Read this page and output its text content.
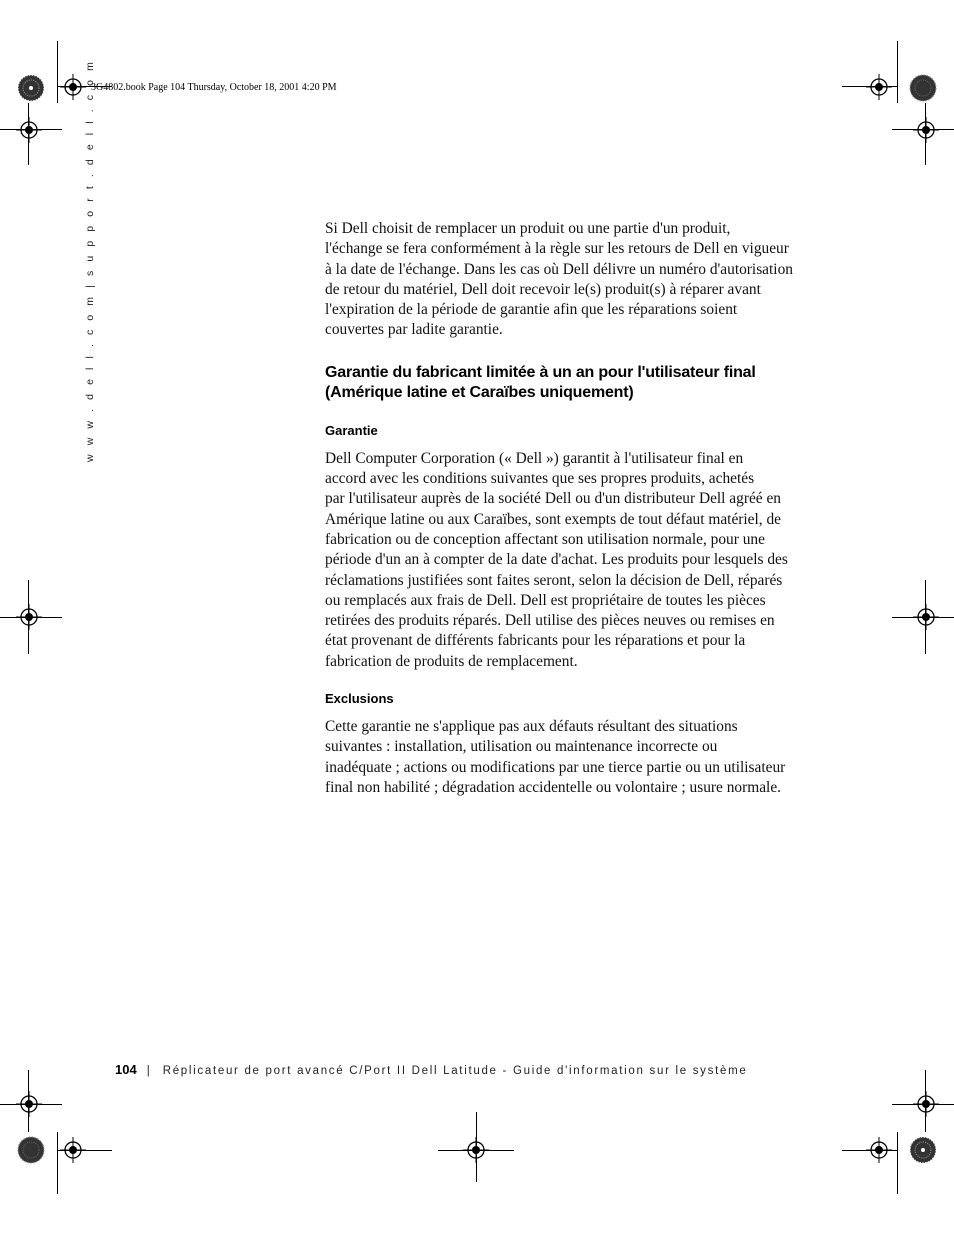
3G4802.book Page 104 Thursday, October 18, 2001 4:20 PM
w w w . d e l l . c o m | s u p p o r t . d e l l . c o m	Si Dell choisit de remplacer un produit ou une partie d'un produit,
l'échange se fera conformément à la règle sur les retours de Dell en vigueur
à la date de l'échange. Dans les cas où Dell délivre un numéro d'autorisation
de retour du matériel, Dell doit recevoir le(s) produit(s) à réparer avant
l'expiration de la période de garantie afin que les réparations soient
couvertes par ladite garantie.

Garantie du fabricant limitée à un an pour l'utilisateur final
(Amérique latine et Caraïbes uniquement)
Garantie

Dell Computer Corporation (« Dell ») garantit à l'utilisateur final en
accord avec les conditions suivantes que ses propres produits, achetés
par l'utilisateur auprès de la société Dell ou d'un distributeur Dell agréé en
Amérique latine ou aux Caraïbes, sont exempts de tout défaut matériel, de
fabrication ou de conception affectant son utilisation normale, pour une
période d'un an à compter de la date d'achat. Les produits pour lesquels des
réclamations justifiées sont faites seront, selon la décision de Dell, réparés
ou remplacés aux frais de Dell. Dell est propriétaire de toutes les pièces
retirées des produits réparés. Dell utilise des pièces neuves ou remises en
état provenant de différents fabricants pour les réparations et pour la
fabrication de produits de remplacement.

Exclusions

Cette garantie ne s'applique pas aux défauts résultant des situations
suivantes : installation, utilisation ou maintenance incorrecte ou
inadéquate ; actions ou modifications par une tierce partie ou un utilisateur
final non habilité ; dégradation accidentelle ou volontaire ; usure normale.

104 | Réplicateur de port avancé C/Port II Dell Latitude - Guide d'information sur le système
